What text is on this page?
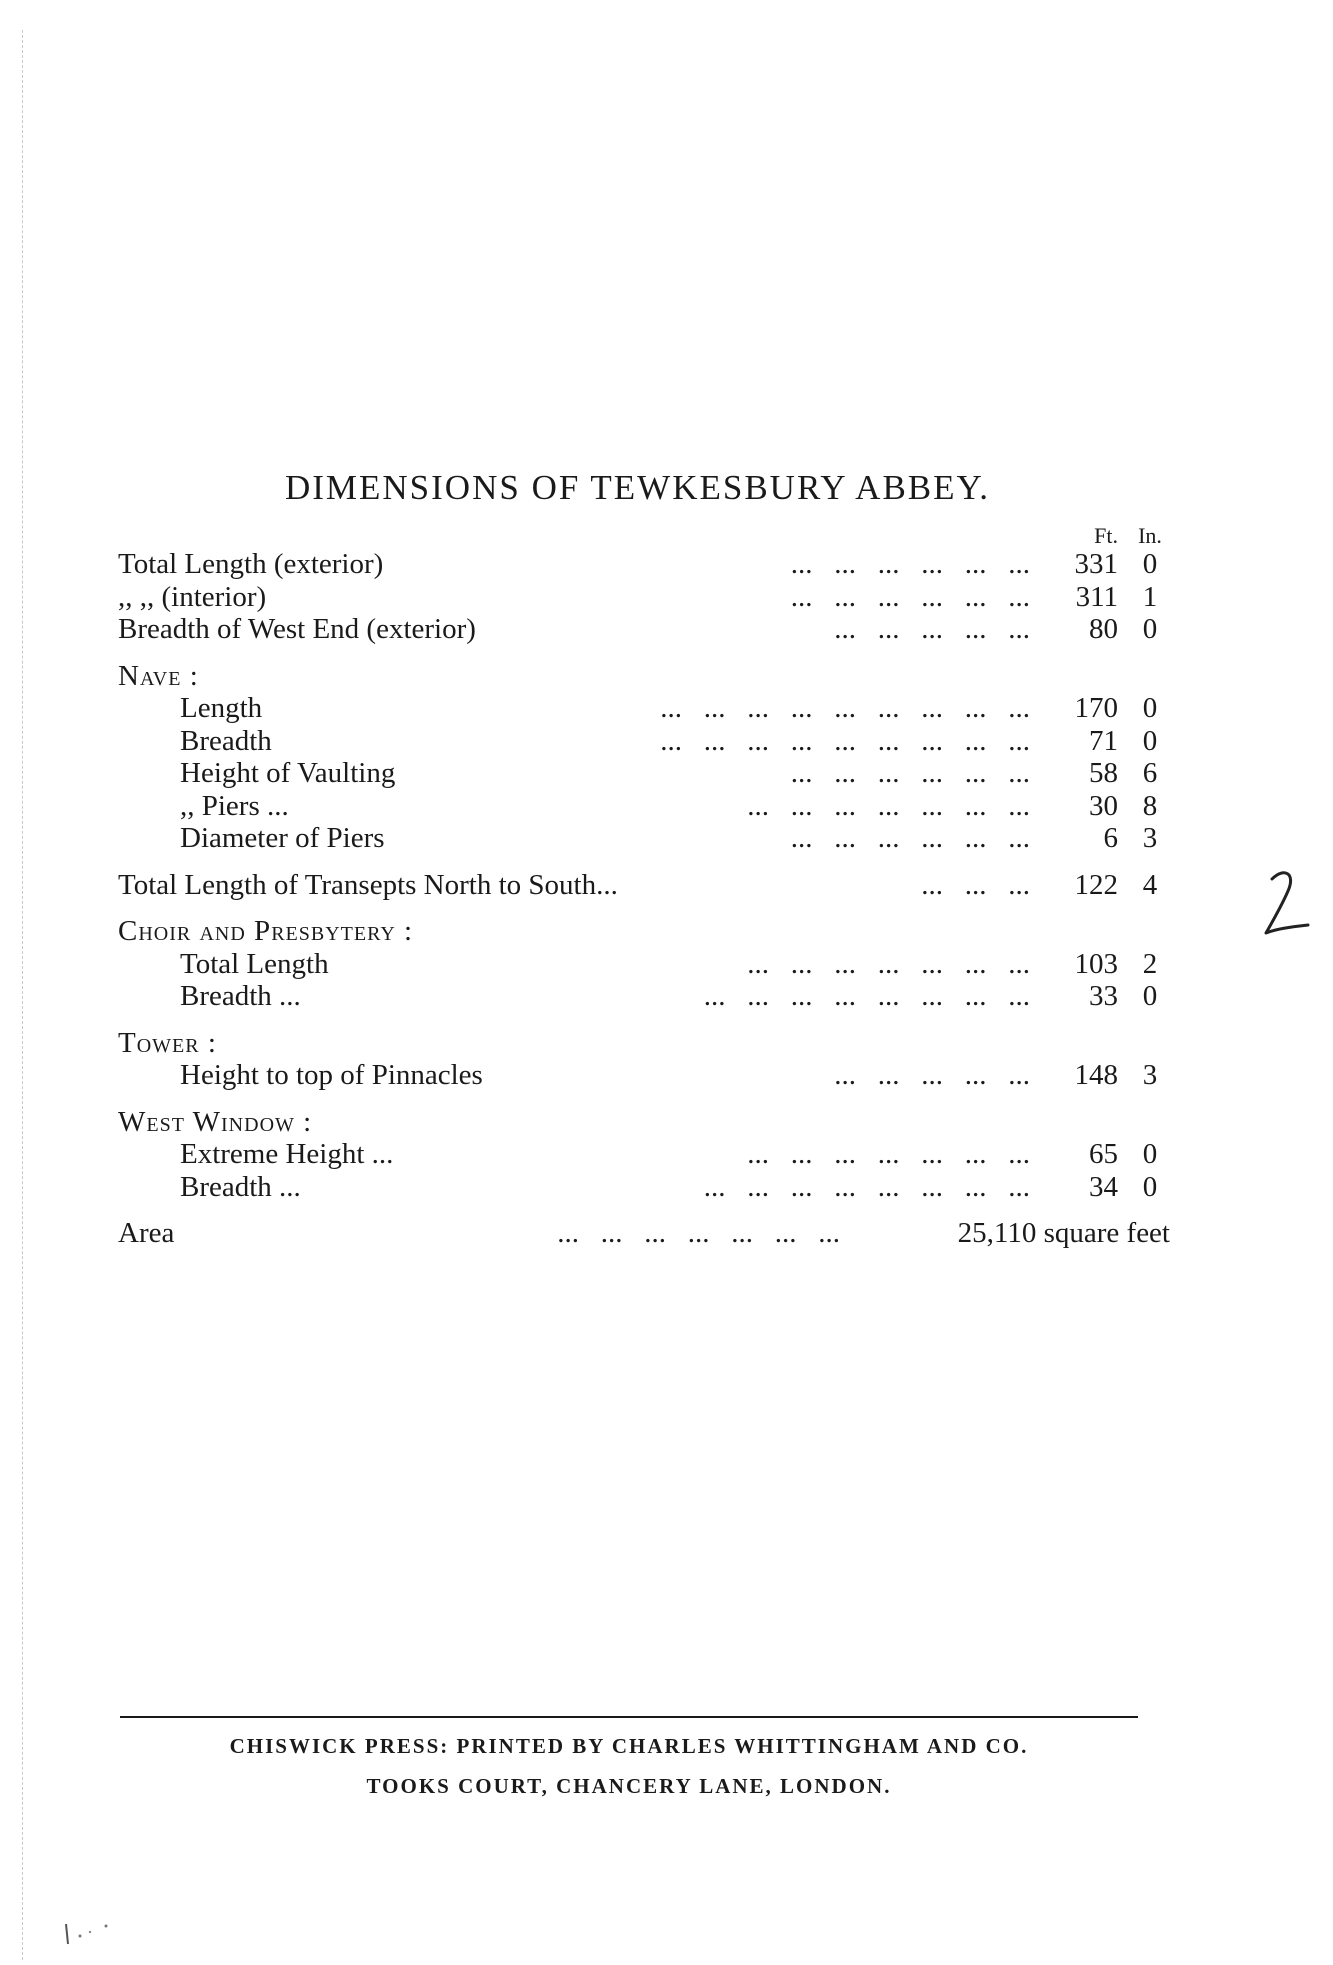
DIMENSIONS OF TEWKESBURY ABBEY.
Ft. In.
Total Length (exterior)	...   ...   ...   ...   ...   ...	331 0
,, ,, (interior)	...   ...   ...   ...   ...   ...	311 1
Breadth of West End (exterior)	...   ...   ...   ...   ...	80 0
Nave :
Length	...   ...   ...   ...   ...   ...   ...   ...   ...	170 0
Breadth	...   ...   ...   ...   ...   ...   ...   ...   ...	71 0
Height of Vaulting	...   ...   ...   ...   ...   ...	58 6
,, Piers ...	...   ...   ...   ...   ...   ...   ...	30 8
Diameter of Piers	...   ...   ...   ...   ...   ...	6 3
Total Length of Transepts North to South...	...   ...   ...	122 4
Choir and Presbytery :
Total Length	...   ...   ...   ...   ...   ...   ...	103 2
Breadth ...	...   ...   ...   ...   ...   ...   ...   ...	33 0
Tower :
Height to top of Pinnacles	...   ...   ...   ...   ...	148 3
West Window :
Extreme Height ...	...   ...   ...   ...   ...   ...   ...	65 0
Breadth ...	...   ...   ...   ...   ...   ...   ...   ...	34 0
Area	...   ...   ...   ...   ...   ...   ...	25,110 square feet
CHISWICK PRESS: PRINTED BY CHARLES WHITTINGHAM AND CO.
TOOKS COURT, CHANCERY LANE, LONDON.
